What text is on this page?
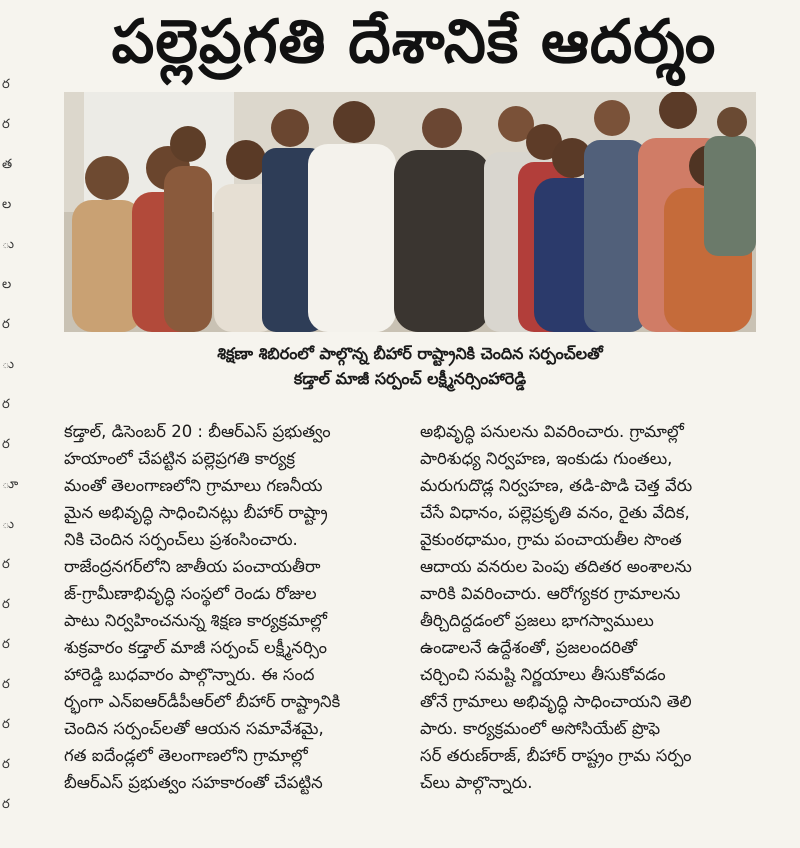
ర
ర
త
ల
ు
ల
ర
ు
ర
ర
ూ
ు
ర
ర
ర
ర
ర
ర
ర
పల్లెప్రగతి దేశానికే ఆదర్శం
శిక్షణా శిబిరంలో పాల్గొన్న బీహార్ రాష్ట్రానికి చెందిన సర్పంచ్‌లతో
కడ్తాల్ మాజీ సర్పంచ్ లక్ష్మీనర్సింహారెడ్డి
కడ్తాల్, డిసెంబర్ 20 : బీఆర్‌ఎస్ ప్రభుత్వం
హయాంలో చేపట్టిన పల్లెప్రగతి కార్యక్ర
మంతో తెలంగాణలోని గ్రామాలు గణనీయ
మైన అభివృద్ధి సాధించినట్లు బీహార్ రాష్ట్రా
నికి చెందిన సర్పంచ్‌లు ప్రశంసించారు.
రాజేంద్రనగర్‌లోని జాతీయ పంచాయతీరా
జ్-గ్రామీణాభివృద్ధి సంస్థలో రెండు రోజుల
పాటు నిర్వహించనున్న శిక్షణ కార్యక్రమాల్లో
శుక్రవారం కడ్తాల్ మాజీ సర్పంచ్ లక్ష్మీనర్సిం
హారెడ్డి బుధవారం పాల్గొన్నారు. ఈ సంద
ర్భంగా ఎన్‌ఐఆర్‌డీపీఆర్‌లో బీహార్ రాష్ట్రానికి
చెందిన సర్పంచ్‌లతో ఆయన సమావేశమై,
గత ఐదేండ్లలో తెలంగాణలోని గ్రామాల్లో
బీఆర్‌ఎస్ ప్రభుత్వం సహకారంతో చేపట్టిన
అభివృద్ధి పనులను వివరించారు. గ్రామాల్లో
పారిశుధ్య నిర్వహణ, ఇంకుడు గుంతలు,
మరుగుదొడ్ల నిర్వహణ, తడి-పొడి చెత్త వేరు
చేసే విధానం, పల్లెప్రకృతి వనం, రైతు వేదిక,
వైకుంఠధామం, గ్రామ పంచాయతీల సొంత
ఆదాయ వనరుల పెంపు తదితర అంశాలను
వారికి వివరించారు. ఆరోగ్యకర గ్రామాలను
తీర్చిదిద్దడంలో ప్రజలు భాగస్వాములు
ఉండాలనే ఉద్దేశంతో, ప్రజలందరితో
చర్చించి సమష్టి నిర్ణయాలు తీసుకోవడం
తోనే గ్రామాలు అభివృద్ధి సాధించాయని తెలి
పారు. కార్యక్రమంలో అసోసియేట్ ప్రొఫె
సర్ తరుణ్‌రాజ్, బీహార్ రాష్ట్రం గ్రామ సర్పం
చ్‌లు పాల్గొన్నారు.
